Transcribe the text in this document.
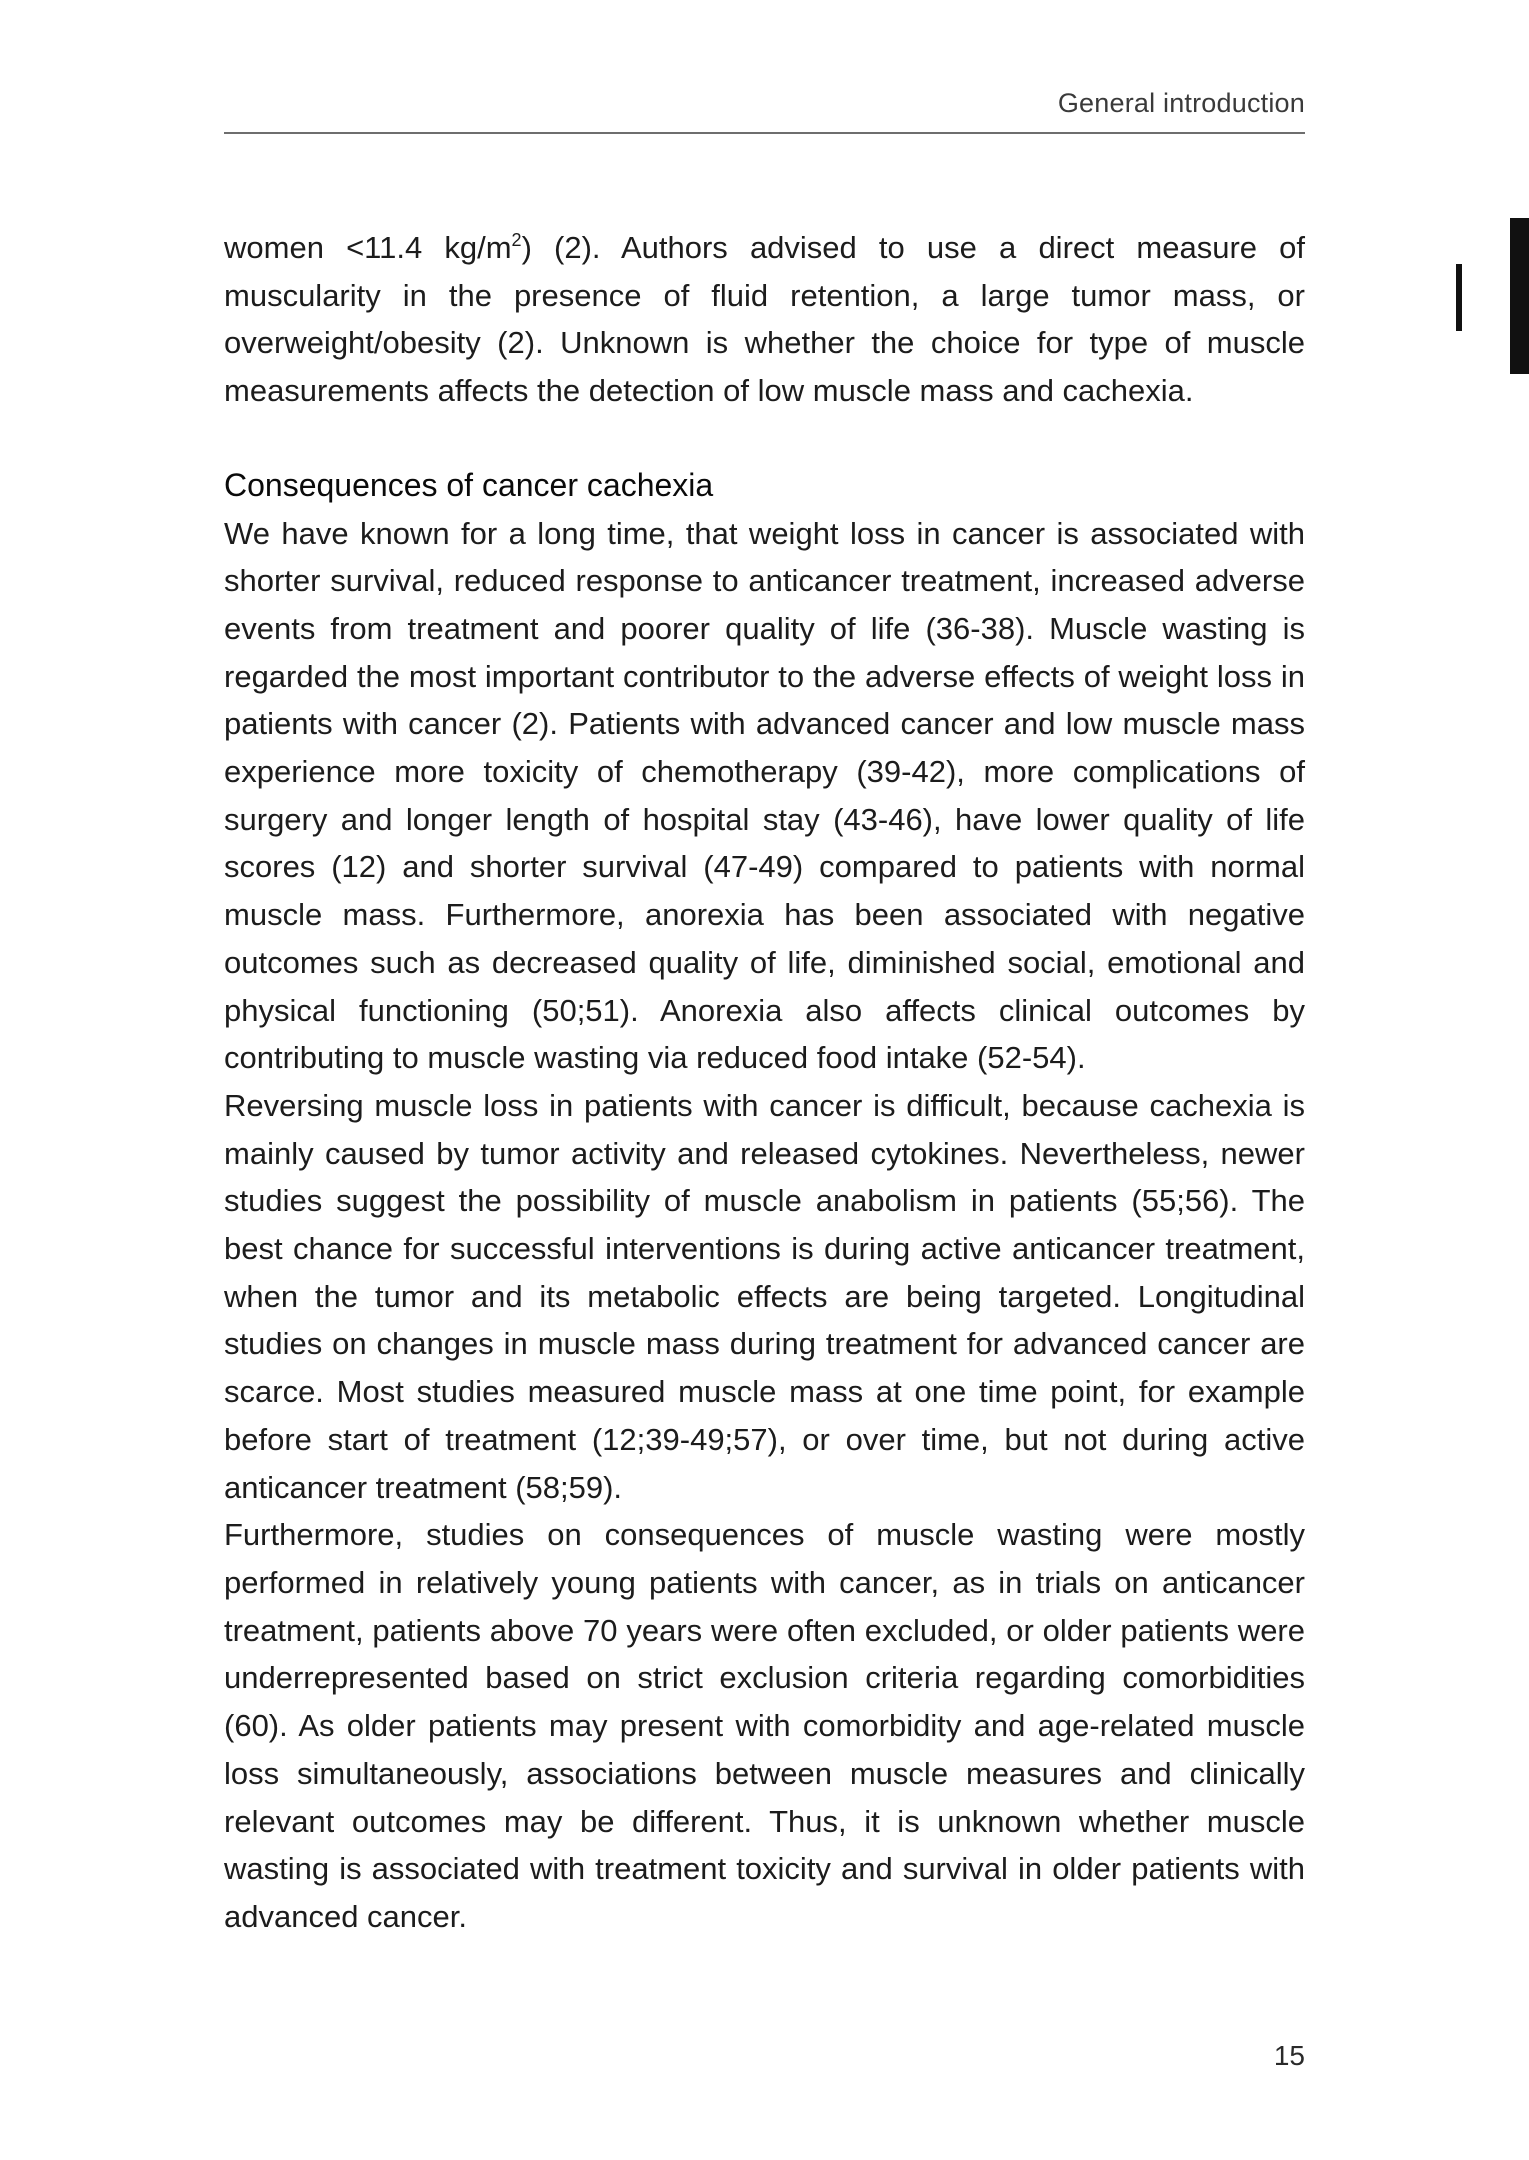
General introduction

women <11.4 $kg/m^2$) (2). Authors advised to use a direct measure of muscularity in the presence of fluid retention, a large tumor mass, or overweight/obesity (2). Unknown is whether the choice for type of muscle measurements affects the detection of low muscle mass and cachexia.

Consequences of cancer cachexia

We have known for a long time, that weight loss in cancer is associated with shorter survival, reduced response to anticancer treatment, increased adverse events from treatment and poorer quality of life (36-38). Muscle wasting is regarded the most important contributor to the adverse effects of weight loss in patients with cancer (2). Patients with advanced cancer and low muscle mass experience more toxicity of chemotherapy (39-42), more complications of surgery and longer length of hospital stay (43-46), have lower quality of life scores (12) and shorter survival (47-49) compared to patients with normal muscle mass. Furthermore, anorexia has been associated with negative outcomes such as decreased quality of life, diminished social, emotional and physical functioning (50;51). Anorexia also affects clinical outcomes by contributing to muscle wasting via reduced food intake (52-54).

Reversing muscle loss in patients with cancer is difficult, because cachexia is mainly caused by tumor activity and released cytokines. Nevertheless, newer studies suggest the possibility of muscle anabolism in patients (55;56). The best chance for successful interventions is during active anticancer treatment, when the tumor and its metabolic effects are being targeted. Longitudinal studies on changes in muscle mass during treatment for advanced cancer are scarce. Most studies measured muscle mass at one time point, for example before start of treatment (12;39-49;57), or over time, but not during active anticancer treatment (58;59).

Furthermore, studies on consequences of muscle wasting were mostly performed in relatively young patients with cancer, as in trials on anticancer treatment, patients above 70 years were often excluded, or older patients were underrepresented based on strict exclusion criteria regarding comorbidities (60). As older patients may present with comorbidity and age-related muscle loss simultaneously, associations between muscle measures and clinically relevant outcomes may be different. Thus, it is unknown whether muscle wasting is associated with treatment toxicity and survival in older patients with advanced cancer.

15
